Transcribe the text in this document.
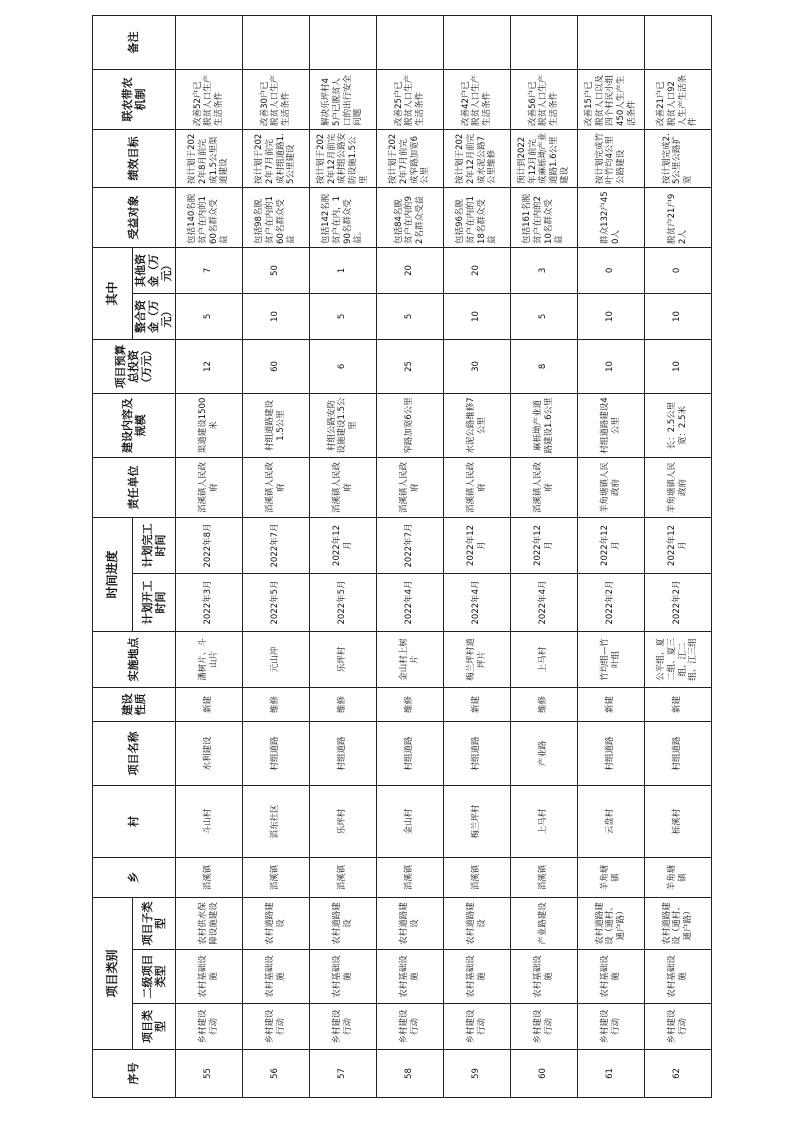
序号	项目类别			乡	村	项目名称	建设性质	实施地点	时间进度		责任单位	建设内容及规模	项目预算总投资（万元）	其中		受益对象	绩效目标	联农带农机制	备注
	项目类型	二级项目类型	项目子类型						计划开工时间	计划完工时间				整合资金（万元）	其他资金（万元）				
55	乡村建设行动	农村基础设施	农村供水保障设施建设	滔溪镇	斗山村	水利建设	新建	潘树片、斗山片	2022年3月	2022年8月	滔溪镇人民政府	渠道建设1500米	12	5	7	包括140名脱贫户在内的160名群众受益	按计划于2022年8月前完成1.5公里渠道建设	改善52户已脱贫人口生产生活条件	
56	乡村建设行动	农村基础设施	农村道路建设	滔溪镇	滔东社区	村组道路	维修	元山冲	2022年5月	2022年7月	滔溪镇人民政府	村组道路建设1.5公里	60	10	50	包括98名脱贫户在内的160名群众受益	按计划于2022年7月前完成村组道路1.5公里建设	改善30户已脱贫人口生产生活条件	
57	乡村建设行动	农村基础设施	农村道路建设	滔溪镇	乐坪村	村组道路	维修	乐坪村	2022年5月	2022年12月	滔溪镇人民政府	村组公路安防设施建设1.5公里	6	5	1	包括142名脱贫户在内，190名群众受益。	按计划于2022年12月前完成村组公路安防设施1.5公里	解决乐坪村45户已脱贫人口的出行安全问题	
58	乡村建设行动	农村基础设施	农村道路建设	滔溪镇	金山村	村组道路	维修	金山村上树片	2022年4月	2022年7月	滔溪镇人民政府	窄路加宽6公里	25	5	20	包括84名脱贫户在内的92名群众受益	按计划于2022年7月前完成窄路加宽6公里	改善25户已脱贫人口生产生活条件	
59	乡村建设行动	农村基础设施	农村道路建设	滔溪镇	梅兰坪村	村组道路	新建	梅兰坪村道坪片	2022年4月	2022年12月	滔溪镇人民政府	水泥公路维修7公里	30	10	20	包括96名脱贫户在内的118名群众受益	按计划于2022年12月前完成水泥公路7公里维修	改善42户已脱贫人口生产生活条件	
60	乡村建设行动	农村基础设施	产业路建设	滔溪镇	上马村	产业路	维修	上马村	2022年4月	2022年12月	滔溪镇人民政府	麻栎坳产业道路建设1.6公里	8	5	3	包括161名脱贫户在内的210名群众受益	预计到2022年12月前完成麻栎坳产业道路1.6公里建设	改善56户已脱贫人口生产生活条件	
61	乡村建设行动	农村基础设施	农村道路建设（通村、通户路）	羊角塘镇	云盘村	村组道路	新建	竹均组—竹叶组	2022年2月	2022年12月	羊角塘镇人民政府	村组道路建设4公里	10	10	0	群众132户450人	按计划完成竹叶竹均4公里公路建设	改善15户已脱贫人口以及四个村民小组450人生产生活条件	
62	乡村建设行动	农村基础设施	农村道路建设（通村、通户路）	羊角塘镇	栎溪村	村组道路	新建	公平组、夏二组、夏三组、江二组、江三组	2022年2月	2022年12月	羊角塘镇人民政府	长：2.5公里宽：2.5米	10	10	0	脱贫户21户92人	按计划完成2.5公里公路扩宽	改善21户已脱贫人口92人生产生活条件	
